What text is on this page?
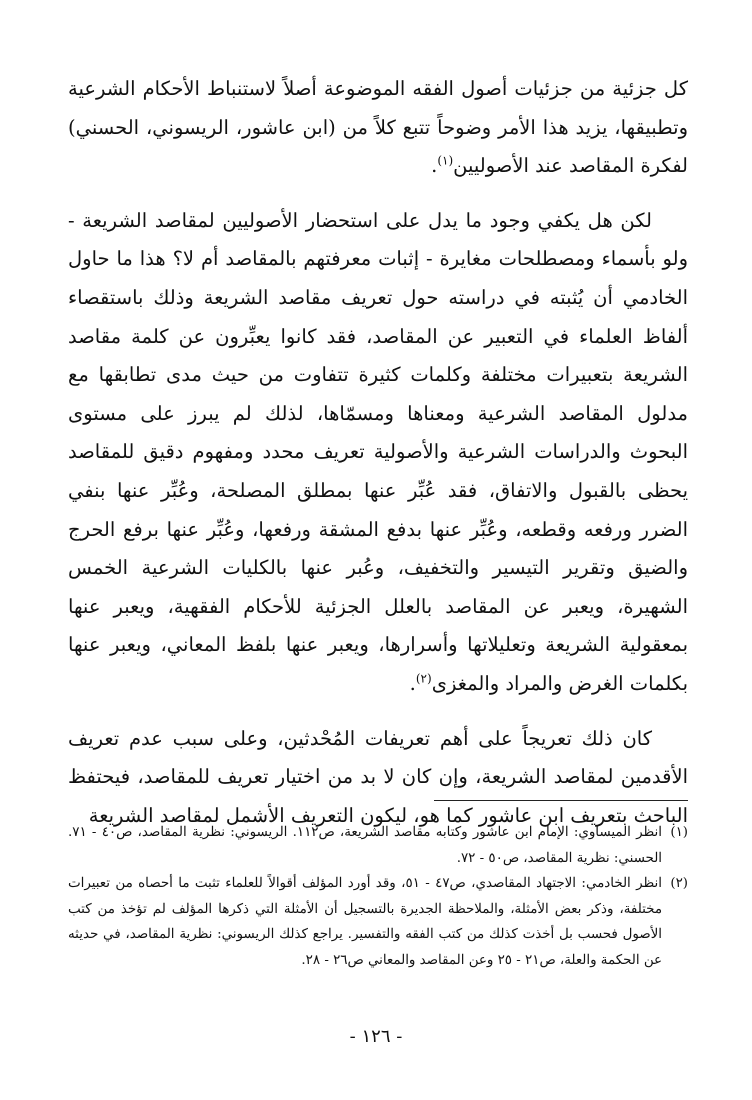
كل جزئية من جزئيات أصول الفقه الموضوعة أصلاً لاستنباط الأحكام الشرعية وتطبيقها، يزيد هذا الأمر وضوحاً تتبع كلاً من (ابن عاشور، الريسوني، الحسني) لفكرة المقاصد عند الأصوليين$^{(١)}$.

لكن هل يكفي وجود ما يدل على استحضار الأصوليين لمقاصد الشريعة - ولو بأسماء ومصطلحات مغايرة - إثبات معرفتهم بالمقاصد أم لا؟ هذا ما حاول الخادمي أن يُثبته في دراسته حول تعريف مقاصد الشريعة وذلك باستقصاء ألفاظ العلماء في التعبير عن المقاصد، فقد كانوا يعبِّرون عن كلمة مقاصد الشريعة بتعبيرات مختلفة وكلمات كثيرة تتفاوت من حيث مدى تطابقها مع مدلول المقاصد الشرعية ومعناها ومسمّاها، لذلك لم يبرز على مستوى البحوث والدراسات الشرعية والأصولية تعريف محدد ومفهوم دقيق للمقاصد يحظى بالقبول والاتفاق، فقد عُبِّر عنها بمطلق المصلحة، وعُبِّر عنها بنفي الضرر ورفعه وقطعه، وعُبِّر عنها بدفع المشقة ورفعها، وعُبِّر عنها برفع الحرج والضيق وتقرير التيسير والتخفيف، وعُبر عنها بالكليات الشرعية الخمس الشهيرة، ويعبر عن المقاصد بالعلل الجزئية للأحكام الفقهية، ويعبر عنها بمعقولية الشريعة وتعليلاتها وأسرارها، ويعبر عنها بلفظ المعاني، ويعبر عنها بكلمات الغرض والمراد والمغزى$^{(٢)}$.

كان ذلك تعريجاً على أهم تعريفات المُحْدثين، وعلى سبب عدم تعريف الأقدمين لمقاصد الشريعة، وإن كان لا بد من اختيار تعريف للمقاصد، فيحتفظ الباحث بتعريف ابن عاشور كما هو، ليكون التعريف الأشمل لمقاصد الشريعة

(١)
انظر الميساوي: الإمام ابن عاشور وكتابه مقاصد الشريعة، ص١١٢. الريسوني: نظرية المقاصد، ص٤٠ - ٧١. الحسني: نظرية المقاصد، ص٥٠ - ٧٢.
(٢)
انظر الخادمي: الاجتهاد المقاصدي، ص٤٧ - ٥١، وقد أورد المؤلف أقوالاً للعلماء تثبت ما أحصاه من تعبيرات مختلفة، وذكر بعض الأمثلة، والملاحظة الجديرة بالتسجيل أن الأمثلة التي ذكرها المؤلف لم تؤخذ من كتب الأصول فحسب بل أخذت كذلك من كتب الفقه والتفسير. يراجع كذلك الريسوني: نظرية المقاصد، في حديثه عن الحكمة والعلة، ص٢١ - ٢٥ وعن المقاصد والمعاني ص٢٦ - ٢٨.
- ١٢٦ -
